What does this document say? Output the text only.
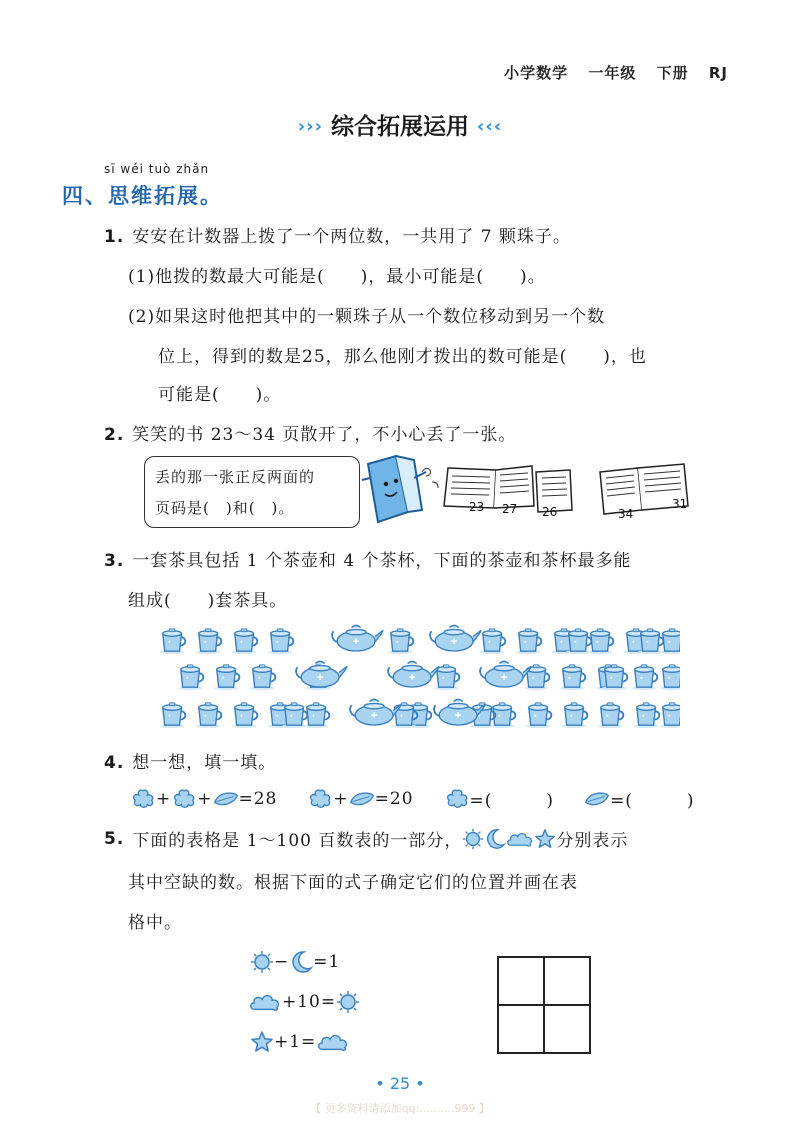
小学数学 一年级 下册 RJ
››› 综合拓展运用 ‹‹‹
sī wéi tuò zhǎn
四、思维拓展。
1. 安安在计数器上拨了一个两位数，一共用了 7 颗珠子。
(1)他拨的数最大可能是(　　)，最小可能是(　　)。
(2)如果这时他把其中的一颗珠子从一个数位移动到另一个数
位上，得到的数是25，那么他刚才拨出的数可能是(　　)，也
可能是(　　)。
2. 笑笑的书 23～34 页散开了，不小心丢了一张。
丢的那一张正反两面的
页码是(　)和(　)。	23 27 26	34
31
3. 一套茶具包括 1 个茶壶和 4 个茶杯，下面的茶壶和茶杯最多能
组成(　　)套茶具。
4. 想一想，填一填。
+ + =28	+ =20	=(　　　)	=(　　　)
5. 下面的表格是 1～100 百数表的一部分，	分别表示
其中空缺的数。根据下面的式子确定它们的位置并画在表
格中。
− =1
+10=
+1=
• 25 •
【 更多资料请添加qq:..........999 】
